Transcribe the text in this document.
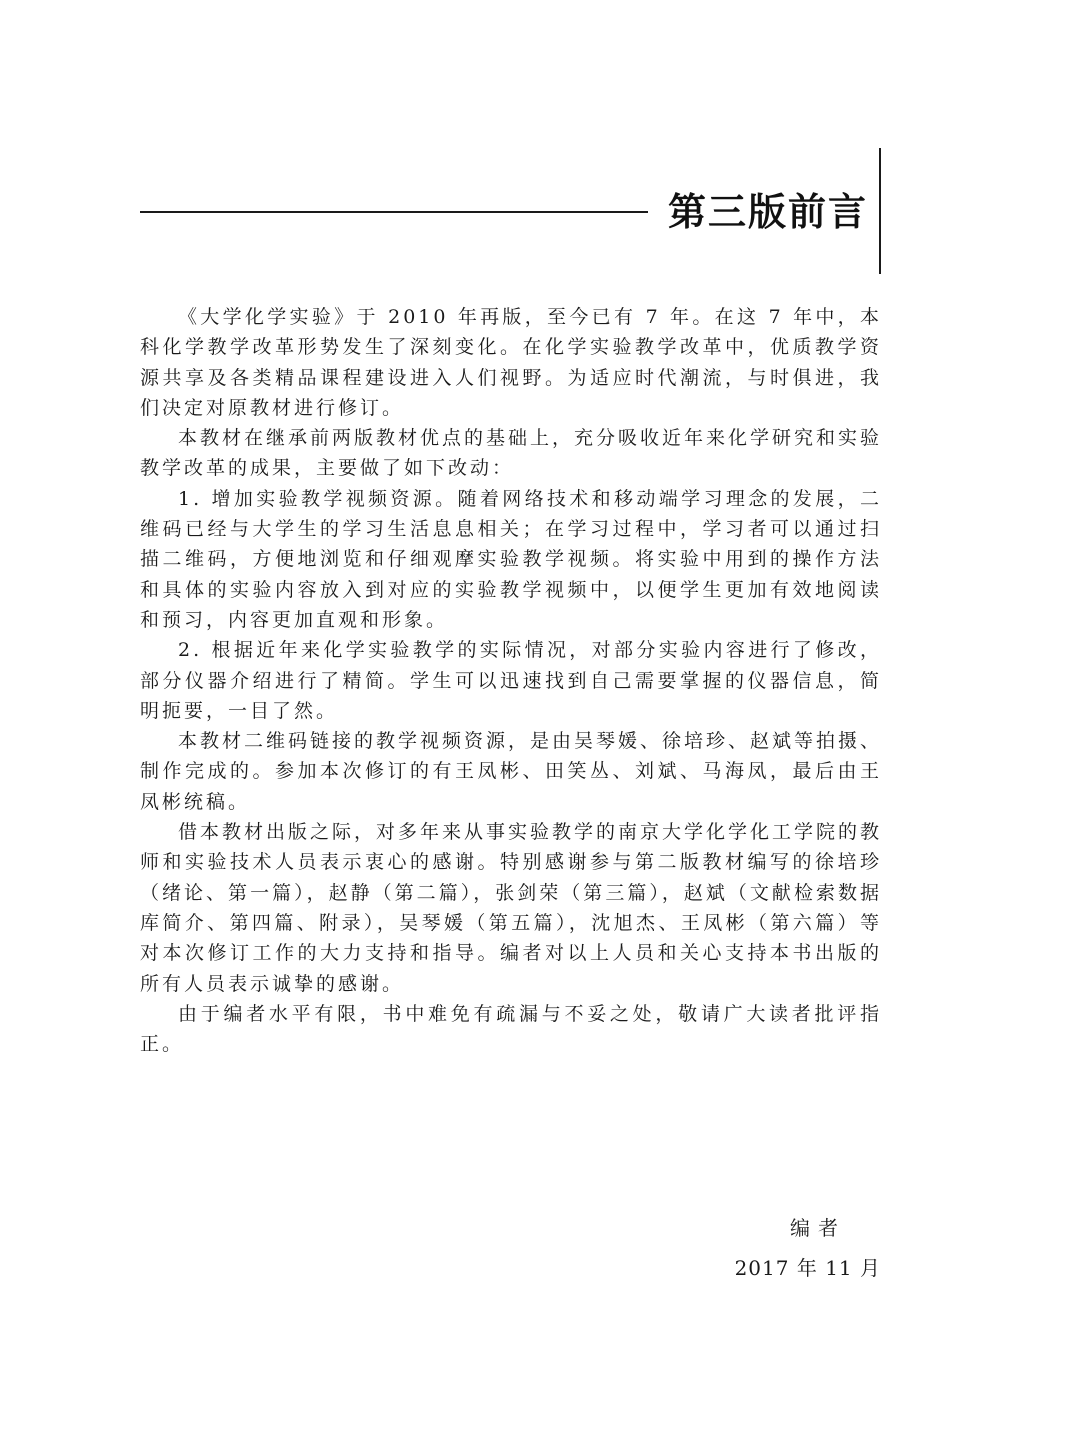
第三版前言

《大学化学实验》于 2010 年再版，至今已有 7 年。在这 7 年中，本科化学教学改革形势发生了深刻变化。在化学实验教学改革中，优质教学资源共享及各类精品课程建设进入人们视野。为适应时代潮流，与时俱进，我们决定对原教材进行修订。

本教材在继承前两版教材优点的基础上，充分吸收近年来化学研究和实验教学改革的成果，主要做了如下改动：

1. 增加实验教学视频资源。随着网络技术和移动端学习理念的发展，二维码已经与大学生的学习生活息息相关；在学习过程中，学习者可以通过扫描二维码，方便地浏览和仔细观摩实验教学视频。将实验中用到的操作方法和具体的实验内容放入到对应的实验教学视频中，以便学生更加有效地阅读和预习，内容更加直观和形象。

2. 根据近年来化学实验教学的实际情况，对部分实验内容进行了修改，部分仪器介绍进行了精简。学生可以迅速找到自己需要掌握的仪器信息，简明扼要，一目了然。

本教材二维码链接的教学视频资源，是由吴琴媛、徐培珍、赵斌等拍摄、制作完成的。参加本次修订的有王凤彬、田笑丛、刘斌、马海凤，最后由王凤彬统稿。

借本教材出版之际，对多年来从事实验教学的南京大学化学化工学院的教师和实验技术人员表示衷心的感谢。特别感谢参与第二版教材编写的徐培珍（绪论、第一篇），赵静（第二篇），张剑荣（第三篇），赵斌（文献检索数据库简介、第四篇、附录），吴琴媛（第五篇），沈旭杰、王凤彬（第六篇）等对本次修订工作的大力支持和指导。编者对以上人员和关心支持本书出版的所有人员表示诚挚的感谢。

由于编者水平有限，书中难免有疏漏与不妥之处，敬请广大读者批评指正。

编者
2017 年 11 月
